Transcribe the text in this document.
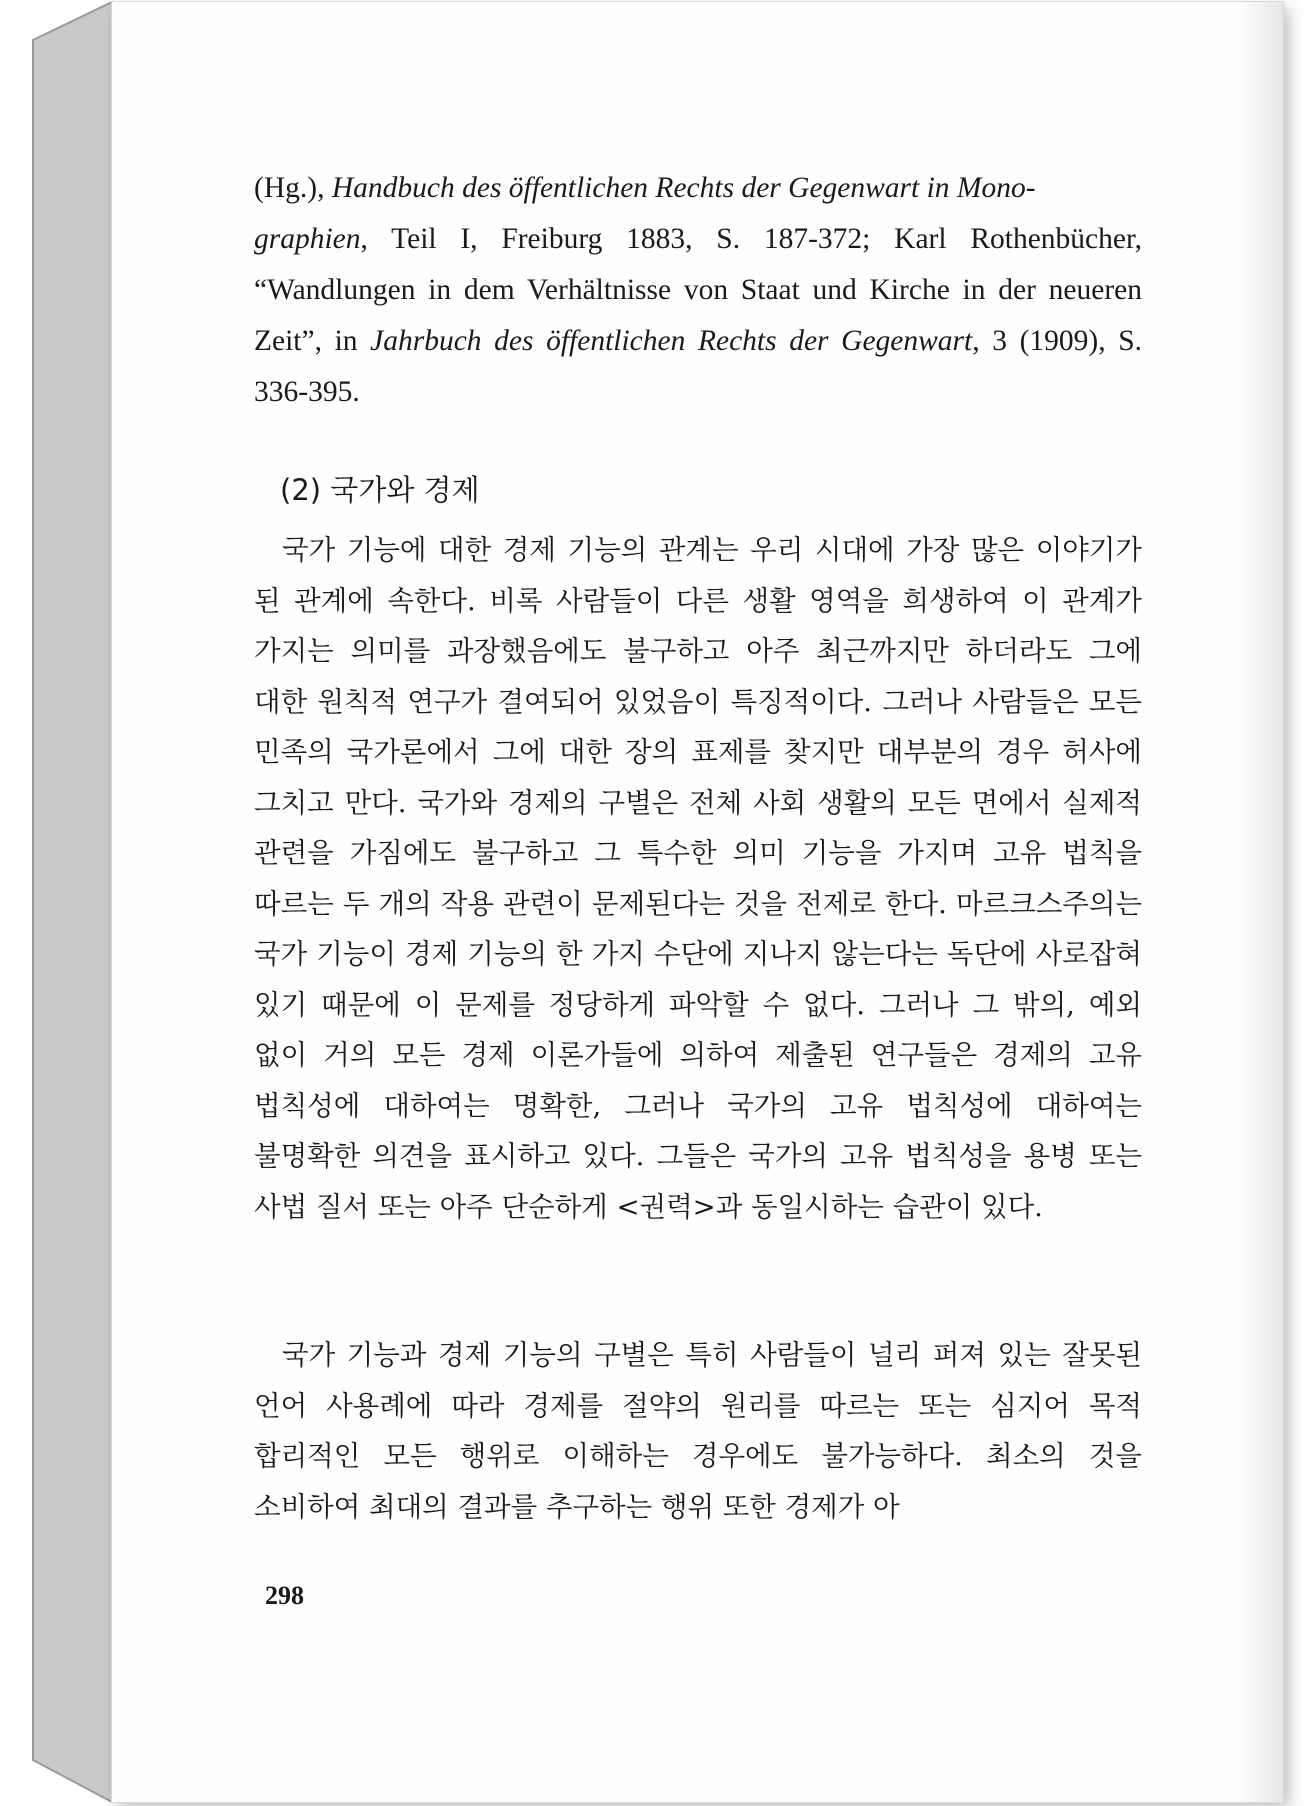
(Hg.), Handbuch des öffentlichen Rechts der Gegenwart in Mono-
graphien, Teil I, Freiburg 1883, S. 187-372; Karl Rothenbücher, “Wandlungen in dem Verhältnisse von Staat und Kirche in der neueren Zeit”, in Jahrbuch des öffentlichen Rechts der Gegenwart, 3 (1909), S. 336-395.
(2) 국가와 경제
국가 기능에 대한 경제 기능의 관계는 우리 시대에 가장 많은 이야기가 된 관계에 속한다. 비록 사람들이 다른 생활 영역을 희생하여 이 관계가 가지는 의미를 과장했음에도 불구하고 아주 최근까지만 하더라도 그에 대한 원칙적 연구가 결여되어 있었음이 특징적이다. 그러나 사람들은 모든 민족의 국가론에서 그에 대한 장의 표제를 찾지만 대부분의 경우 허사에 그치고 만다. 국가와 경제의 구별은 전체 사회 생활의 모든 면에서 실제적 관련을 가짐에도 불구하고 그 특수한 의미 기능을 가지며 고유 법칙을 따르는 두 개의 작용 관련이 문제된다는 것을 전제로 한다. 마르크스주의는 국가 기능이 경제 기능의 한 가지 수단에 지나지 않는다는 독단에 사로잡혀 있기 때문에 이 문제를 정당하게 파악할 수 없다. 그러나 그 밖의, 예외 없이 거의 모든 경제 이론가들에 의하여 제출된 연구들은 경제의 고유 법칙성에 대하여는 명확한, 그러나 국가의 고유 법칙성에 대하여는 불명확한 의견을 표시하고 있다. 그들은 국가의 고유 법칙성을 용병 또는 사법 질서 또는 아주 단순하게 <권력>과 동일시하는 습관이 있다.
국가 기능과 경제 기능의 구별은 특히 사람들이 널리 퍼져 있는 잘못된 언어 사용례에 따라 경제를 절약의 원리를 따르는 또는 심지어 목적 합리적인 모든 행위로 이해하는 경우에도 불가능하다. 최소의 것을 소비하여 최대의 결과를 추구하는 행위 또한 경제가 아
298
